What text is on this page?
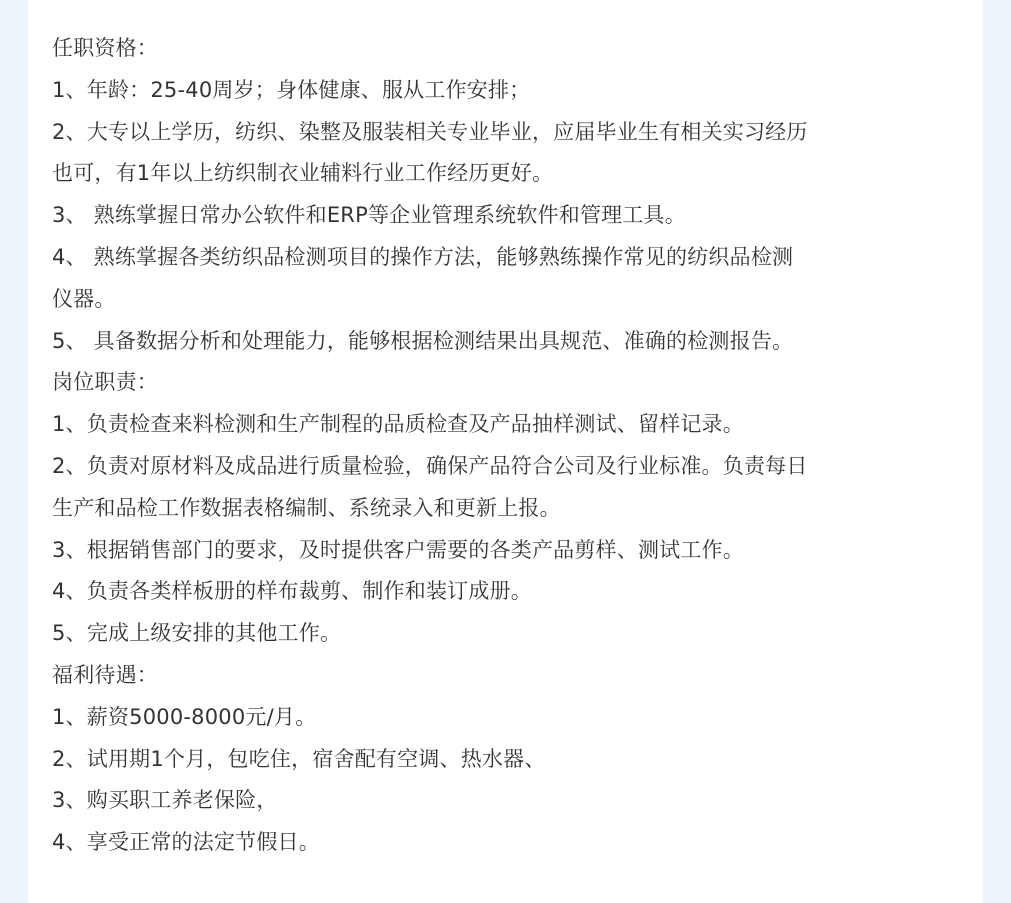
任职资格：

1、年龄：25-40周岁；身体健康、服从工作安排；

2、大专以上学历，纺织、染整及服装相关专业毕业，应届毕业生有相关实习经历

也可，有1年以上纺织制衣业辅料行业工作经历更好。

3、 熟练掌握日常办公软件和ERP等企业管理系统软件和管理工具。

4、 熟练掌握各类纺织品检测项目的操作方法，能够熟练操作常见的纺织品检测

仪器。

5、 具备数据分析和处理能力，能够根据检测结果出具规范、准确的检测报告。

岗位职责：

1、负责检查来料检测和生产制程的品质检查及产品抽样测试、留样记录。

2、负责对原材料及成品进行质量检验，确保产品符合公司及行业标准。负责每日

生产和品检工作数据表格编制、系统录入和更新上报。

3、根据销售部门的要求，及时提供客户需要的各类产品剪样、测试工作。

4、负责各类样板册的样布裁剪、制作和装订成册。

5、完成上级安排的其他工作。

福利待遇：

1、薪资5000-8000元/月。

2、试用期1个月，包吃住，宿舍配有空调、热水器、

3、购买职工养老保险，

4、享受正常的法定节假日。
